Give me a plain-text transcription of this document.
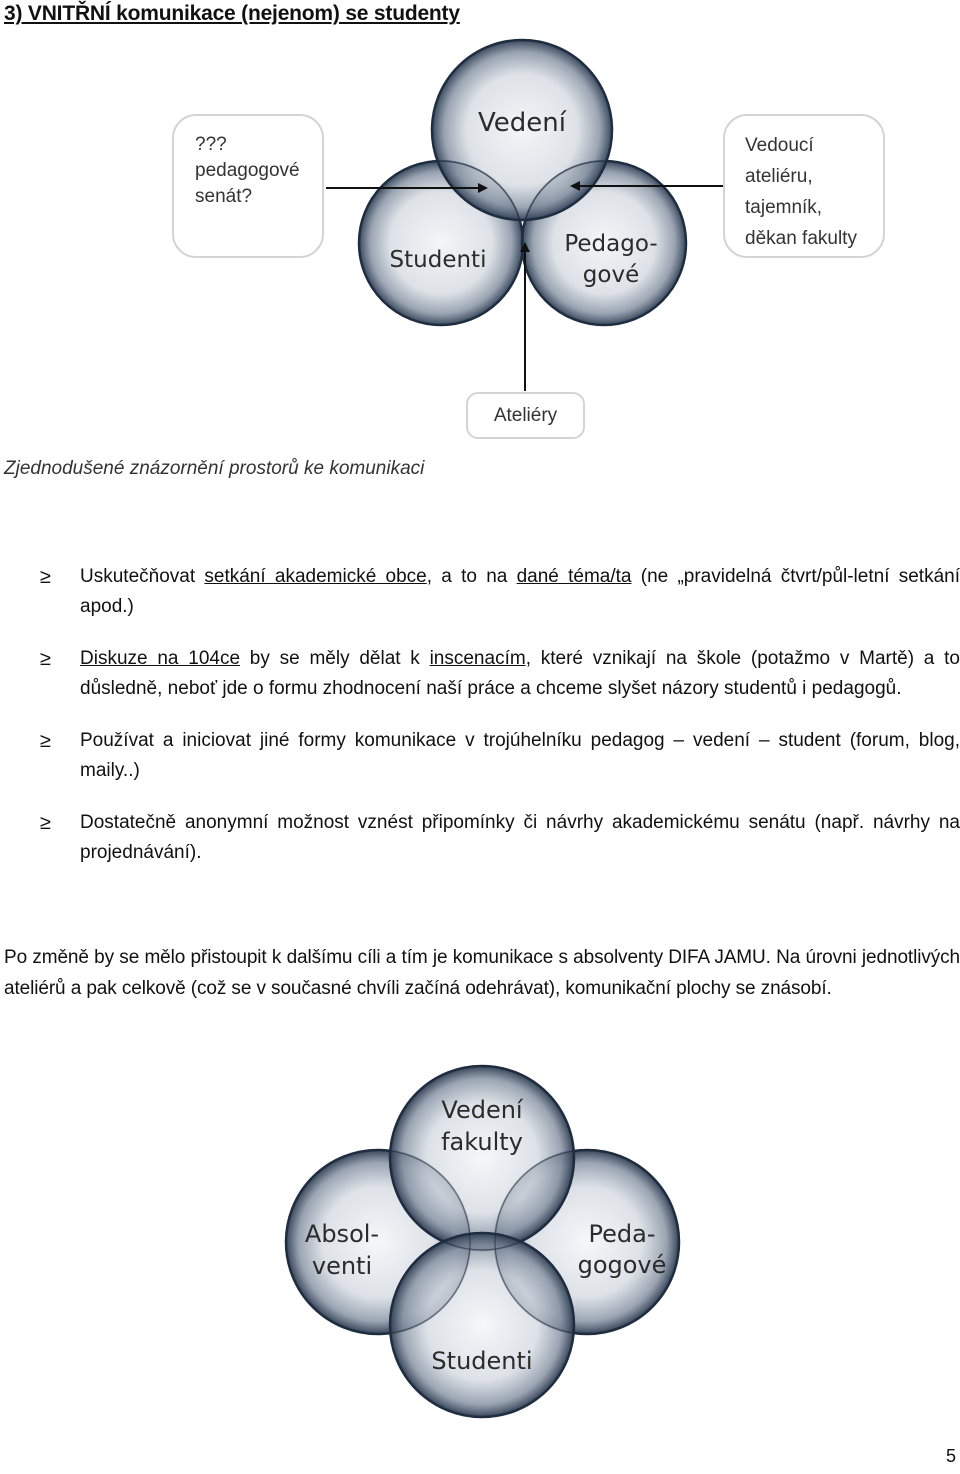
3) VNITŘNÍ komunikace (nejenom) se studenty
Vedení
Studenti
Pedago-
gové
???
pedagogové
senát?
Vedoucí
ateliéru,
tajemník,
děkan fakulty
Ateliéry
Zjednodušené znázornění prostorů ke komunikaci
≥ Uskutečňovat setkání akademické obce, a to na dané téma/ta (ne „pravidelná čtvrt/půl-letní setkání apod.)
≥ Diskuze na 104ce by se měly dělat k inscenacím, které vznikají na škole (potažmo v Martě) a to důsledně, neboť jde o formu zhodnocení naší práce a chceme slyšet názory studentů i pedagogů.
≥ Používat a iniciovat jiné formy komunikace v trojúhelníku pedagog – vedení – student (forum, blog, maily..)
≥ Dostatečně anonymní možnost vznést připomínky či návrhy akademickému senátu (např. návrhy na projednávání).

Po změně by se mělo přistoupit k dalšímu cíli a tím je komunikace s absolventy DIFA JAMU. Na úrovni jednotlivých ateliérů a pak celkově (což se v současné chvíli začíná odehrávat), komunikační plochy se znásobí.

Vedení
fakulty
Absol-
venti
Peda-
gogové
Studenti
5
